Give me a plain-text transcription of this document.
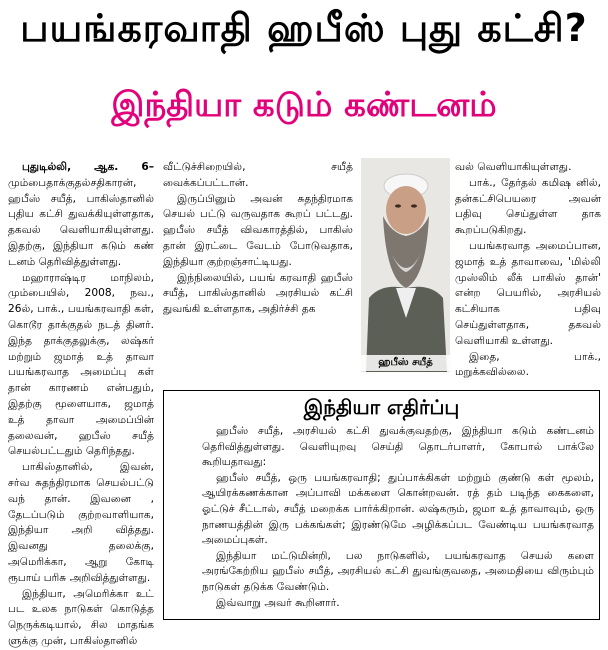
பயங்கரவாதி ஹபீஸ் புது கட்சி?
இந்தியா கடும் கண்டனம்

புதுடில்லி, ஆக. 6– மும்பைதாக்குதல்சதிகாரன், ஹபீஸ் சயீத், பாகிஸ்தானில் புதிய கட்சி துவக்கியுள்ளதாக, தகவல் வெளியாகியுள்ளது. இதற்கு, இந்தியா கடும் கண் டனம் தெரிவித்துள்ளது.

மஹாராஷ்டிர மாநிலம், மும்பையில், 2008, நவ., 26ல், பாக்., பயங்கரவாதி கள், கொடூர தாக்குதல் நடத் தினர். இந்த தாக்குதலுக்கு, லஷ்கர் மற்றும் ஜமாத் உத் தாவா பயங்கரவாத அமைப்பு கள் தான் காரணம் என்பதும், இதற்கு மூளையாக, ஜமாத் உத் தாவா அமைப்பின் தலைவன், ஹபீஸ் சயீத் செயல்பட்டதும் தெரிந்தது.

பாகிஸ்தானில், இவன், சர்வ சுதந்திரமாக செயல்பட்டு வந் தான். இவனை , தேடப்படும் குற்றவாளியாக, இந்தியா அறி வித்தது. இவனது தலைக்கு, அமெரிக்கா, ஆறு கோடி ரூபாய் பரிசு அறிவித்துள்ளது.

இந்தியா, அமெரிக்கா உட் பட உலக நாடுகள் கொடுத்த நெருக்கடியால், சில மாதங்க ளுக்கு முன், பாகிஸ்தானில்

வீட்டுச்சிறையில், சயீத் வைக்கப்பட்டான்.

இருப்பினும் அவன் சுதந்திரமாக செயல் பட்டு வருவதாக கூறப் பட்டது. ஹபீஸ் சயீத் விவகாரத்தில், பாகிஸ் தான் இரட்டை வேடம் போடுவதாக, இந்தியா குற்றஞ்சாட்டியது.

இந்நிலையில், பயங் கரவாதி ஹபீஸ் சயீத், பாகிஸ்தானில் அரசியல் கட்சி துவங்கி உள்ளதாக, அதிர்ச்சி தக

ஹபீஸ் சயீத்

வல் வெளியாகியுள்ளது.

பாக்., தேர்தல் கமிஷ னில், தன்கட்சிபெயரை அவன் பதிவு செய்துள்ள தாக கூறப்படுகிறது.

பயங்கரவாத அமைப்பான, ஜமாத் உத் தாவாவை, 'மில்லி முஸ்லிம் லீக் பாகிஸ் தான்' என்ற பெயரில், அரசியல் கட்சியாக பதிவு செய்துள்ளதாக, தகவல் வெளியாகி உள்ளது.

இதை, பாக்., மறுக்கவில்லை.

இந்தியா எதிர்ப்பு

ஹபீஸ் சயீத், அரசியல் கட்சி துவக்குவதற்கு, இந்தியா கடும் கண்டனம் தெரிவித்துள்ளது. வெளியுறவு செய்தி தொடர்பாளர், கோபால் பாக்லே கூறியதாவது:

ஹபீஸ் சயீத், ஒரு பயங்கரவாதி; துப்பாக்கிகள் மற்றும் குண்டு கள் மூலம், ஆயிரக்கணக்கான அப்பாவி மக்களை கொன்றவன். ரத் தம் படிந்த கைகளை, ஓட்டுச் சீட்டால், சயீத் மறைக்க பார்க்கிறான். லஷ்கரும், ஜமா உத் தாவாவும், ஒரு நாணயத்தின் இரு பக்கங்கள்; இரண்டுமே அழிக்கப்பட வேண்டிய பயங்கரவாத அமைப்புகள்.

இந்தியா மட்டுமின்றி, பல நாடுகளில், பயங்கரவாத செயல் களை அரங்கேற்றிய ஹபீஸ் சயீத், அரசியல் கட்சி துவங்குவதை, அமைதியை விரும்பும் நாடுகள் தடுக்க வேண்டும்.

இவ்வாறு அவர் கூறினார்.
